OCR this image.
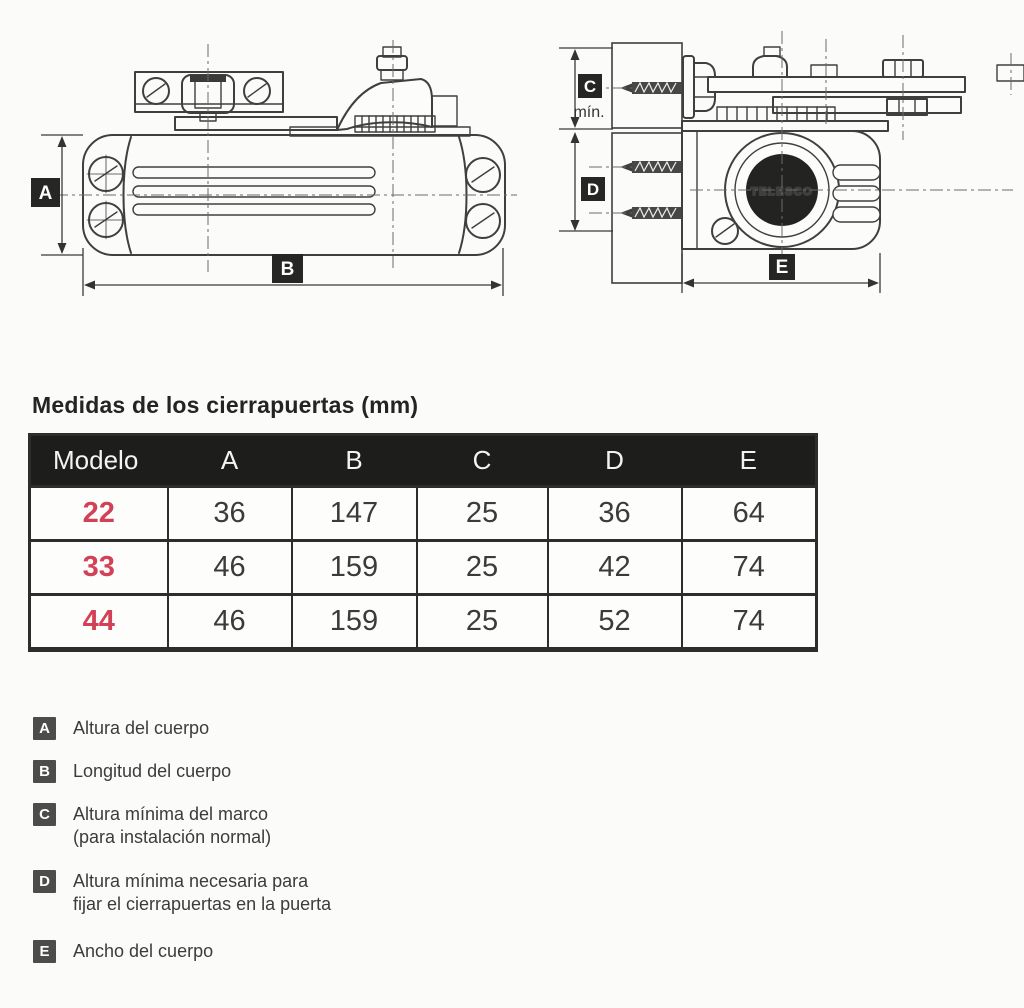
A
B
TELESCO
C
mín.
D
E
Medidas de los cierrapuertas (mm)
Modelo	A	B	C	D	E
22	36	147	25	36	64
33	46	159	25	42	74
44	46	159	25	52	74
A	Altura del cuerpo
B	Longitud del cuerpo
C	Altura mínima del marco
(para instalación normal)
D	Altura mínima necesaria para
fijar el cierrapuertas en la puerta
E	Ancho del cuerpo
